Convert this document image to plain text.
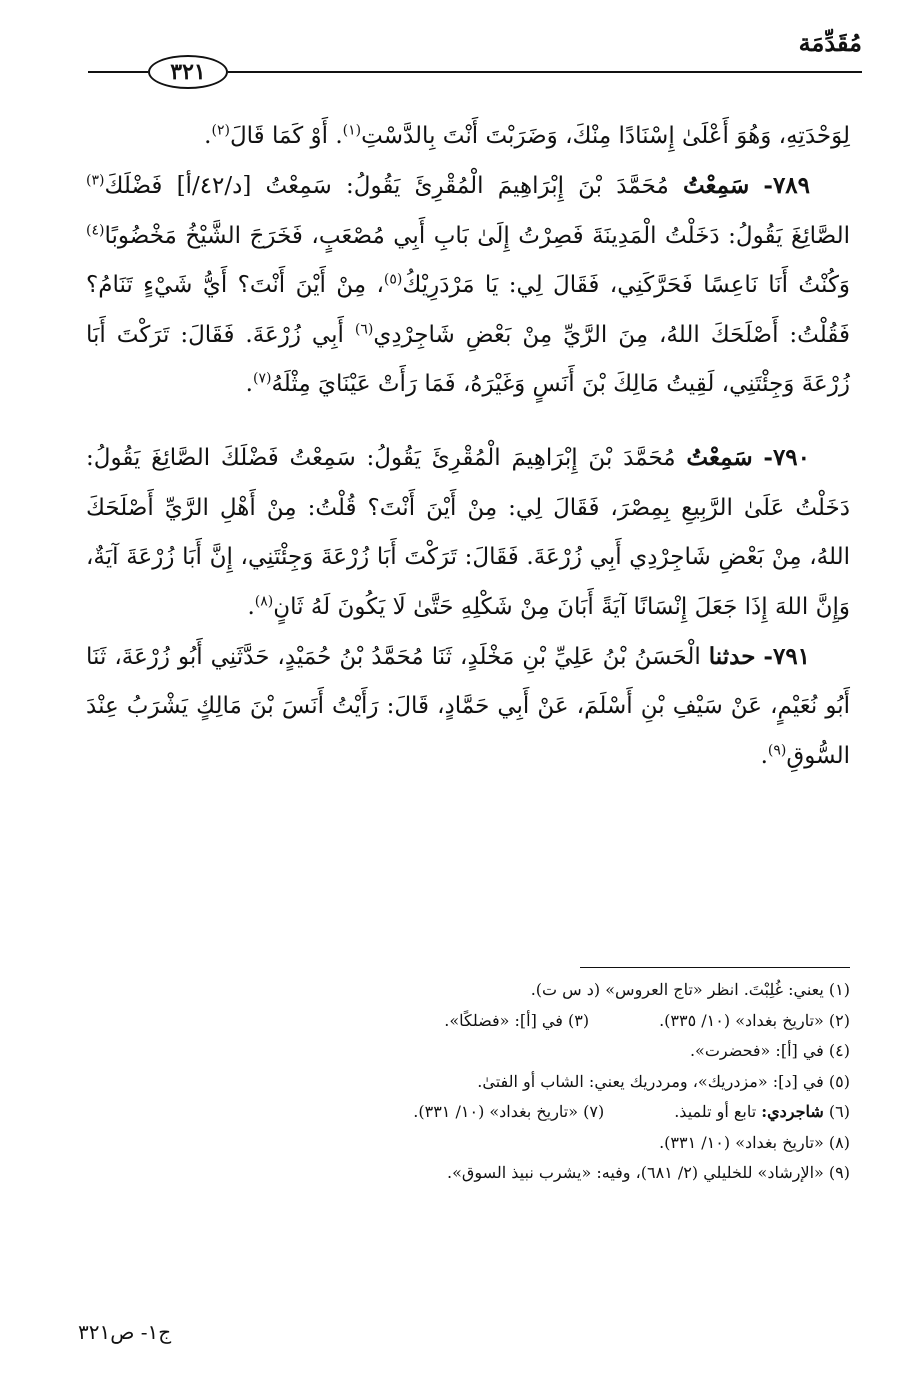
مُقَدِّمَة
٣٢١

لِوَحْدَتِهِ، وَهُوَ أَعْلَىٰ إِسْنَادًا مِنْكَ، وَضَرَبْتَ أَنْتَ بِالدَّسْتِ$^{(١)}$. أَوْ كَمَا قَالَ$^{(٢)}$.

٧٨٩- سَمِعْتُ مُحَمَّدَ بْنَ إِبْرَاهِيمَ الْمُقْرِئَ يَقُولُ: سَمِعْتُ [د/٤٢/أ] فَضْلَكَ$^{(٣)}$ الصَّائِغَ يَقُولُ: دَخَلْتُ الْمَدِينَةَ فَصِرْتُ إِلَىٰ بَابِ أَبِي مُصْعَبٍ، فَخَرَجَ الشَّيْخُ مَخْضُوبًا$^{(٤)}$ وَكُنْتُ أَنَا نَاعِسًا فَحَرَّكَنِي، فَقَالَ لِي: يَا مَرْدَرِيْكُ$^{(٥)}$، مِنْ أَيْنَ أَنْتَ؟ أَيُّ شَيْءٍ تَنَامُ؟ فَقُلْتُ: أَصْلَحَكَ اللهُ، مِنَ الرَّيِّ مِنْ بَعْضِ شَاجِرْدِي$^{(٦)}$ أَبِي زُرْعَةَ. فَقَالَ: تَرَكْتَ أَبَا زُرْعَةَ وَجِئْتَنِي، لَقِيتُ مَالِكَ بْنَ أَنَسٍ وَغَيْرَهُ، فَمَا رَأَتْ عَيْنَايَ مِثْلَهُ$^{(٧)}$.

٧٩٠- سَمِعْتُ مُحَمَّدَ بْنَ إِبْرَاهِيمَ الْمُقْرِئَ يَقُولُ: سَمِعْتُ فَضْلَكَ الصَّائِغَ يَقُولُ: دَخَلْتُ عَلَىٰ الرَّبِيعِ بِمِصْرَ، فَقَالَ لِي: مِنْ أَيْنَ أَنْتَ؟ قُلْتُ: مِنْ أَهْلِ الرَّيِّ أَصْلَحَكَ اللهُ، مِنْ بَعْضِ شَاجِرْدِي أَبِي زُرْعَةَ. فَقَالَ: تَرَكْتَ أَبَا زُرْعَةَ وَجِئْتَنِي، إِنَّ أَبَا زُرْعَةَ آيَةٌ، وَإِنَّ اللهَ إِذَا جَعَلَ إِنْسَانًا آيَةً أَبَانَ مِنْ شَكْلِهِ حَتَّىٰ لَا يَكُونَ لَهُ ثَانٍ$^{(٨)}$.

٧٩١- حدثنا الْحَسَنُ بْنُ عَلِيِّ بْنِ مَخْلَدٍ، ثَنَا مُحَمَّدُ بْنُ حُمَيْدٍ، حَدَّثَنِي أَبُو زُرْعَةَ، ثَنَا أَبُو نُعَيْمٍ، عَنْ سَيْفِ بْنِ أَسْلَمَ، عَنْ أَبِي حَمَّادٍ، قَالَ: رَأَيْتُ أَنَسَ بْنَ مَالِكٍ يَشْرَبُ عِنْدَ السُّوقِ$^{(٩)}$.

(١) يعني: غُلِبْتَ. انظر «تاج العروس» (د س ت).
(٢) «تاريخ بغداد» (١٠/ ٣٣٥).
(٣) في [أ]: «فضلكًا».
(٤) في [أ]: «فحضرت».
(٥) في [د]: «مزدريك»، ومردريك يعني: الشاب أو الفتىٰ.
(٦) شاجردي: تابع أو تلميذ.
(٧) «تاريخ بغداد» (١٠/ ٣٣١).
(٨) «تاريخ بغداد» (١٠/ ٣٣١).
(٩) «الإرشاد» للخليلي (٢/ ٦٨١)، وفيه: «يشرب نبيذ السوق».
ج١- ص٣٢١
